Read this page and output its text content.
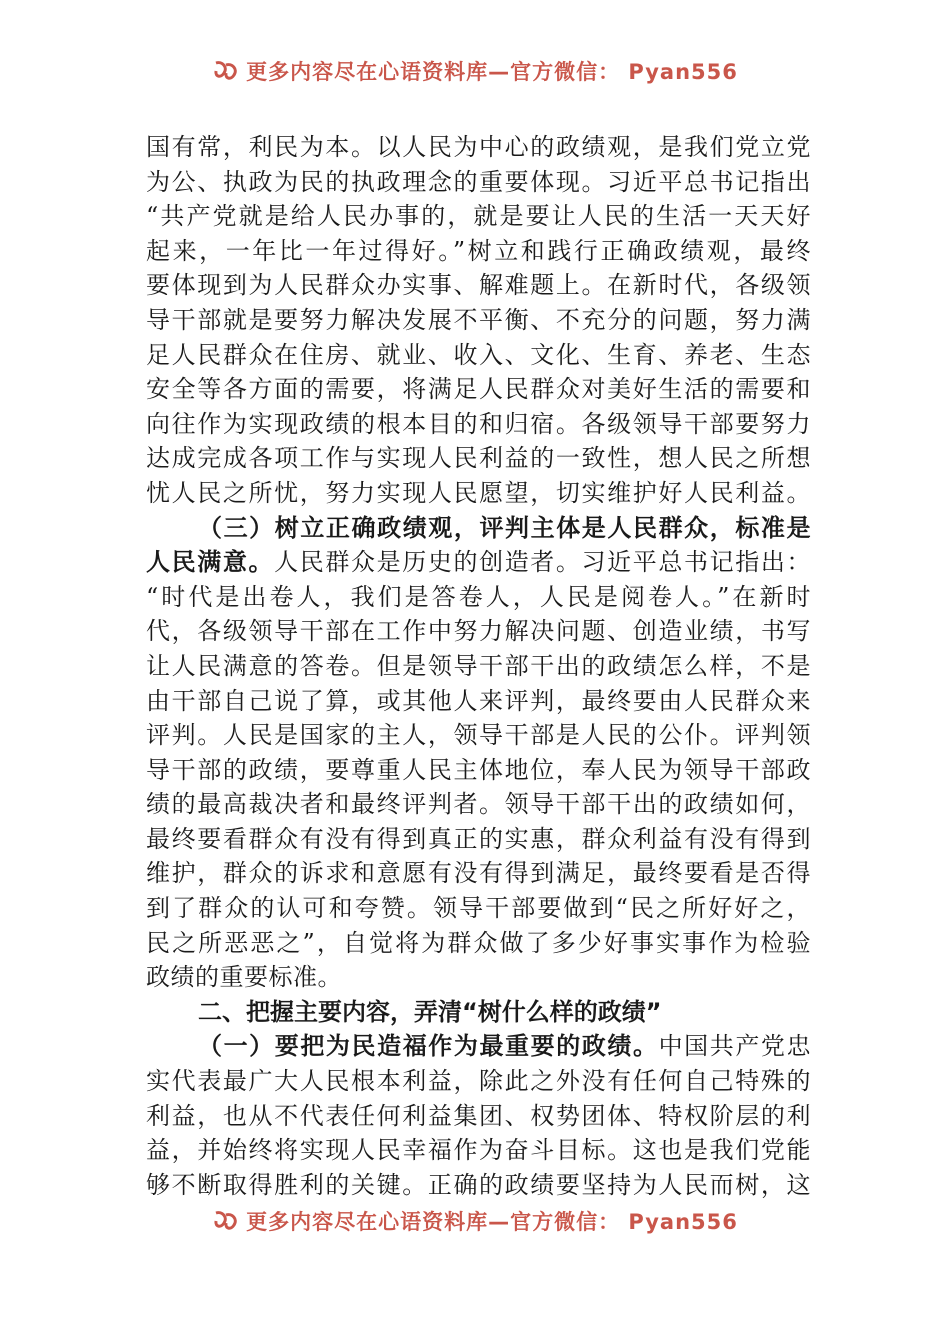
更多内容尽在心语资料库—官方微信： Pyan556
国有常，利民为本。以人民为中心的政绩观，是我们党立党
为公、执政为民的执政理念的重要体现。习近平总书记指出
“共产党就是给人民办事的，就是要让人民的生活一天天好
起来，一年比一年过得好。”树立和践行正确政绩观，最终
要体现到为人民群众办实事、解难题上。在新时代，各级领
导干部就是要努力解决发展不平衡、不充分的问题，努力满
足人民群众在住房、就业、收入、文化、生育、养老、生态
安全等各方面的需要，将满足人民群众对美好生活的需要和
向往作为实现政绩的根本目的和归宿。各级领导干部要努力
达成完成各项工作与实现人民利益的一致性，想人民之所想
忧人民之所忧，努力实现人民愿望，切实维护好人民利益。
（三）树立正确政绩观，评判主体是人民群众，标准是
人民满意。人民群众是历史的创造者。习近平总书记指出：
“时代是出卷人，我们是答卷人，人民是阅卷人。”在新时
代，各级领导干部在工作中努力解决问题、创造业绩，书写
让人民满意的答卷。但是领导干部干出的政绩怎么样，不是
由干部自己说了算，或其他人来评判，最终要由人民群众来
评判。人民是国家的主人，领导干部是人民的公仆。评判领
导干部的政绩，要尊重人民主体地位，奉人民为领导干部政
绩的最高裁决者和最终评判者。领导干部干出的政绩如何，
最终要看群众有没有得到真正的实惠，群众利益有没有得到
维护，群众的诉求和意愿有没有得到满足，最终要看是否得
到了群众的认可和夸赞。领导干部要做到“民之所好好之，
民之所恶恶之”，自觉将为群众做了多少好事实事作为检验
政绩的重要标准。
二、把握主要内容，弄清“树什么样的政绩”
（一）要把为民造福作为最重要的政绩。中国共产党忠
实代表最广大人民根本利益，除此之外没有任何自己特殊的
利益，也从不代表任何利益集团、权势团体、特权阶层的利
益，并始终将实现人民幸福作为奋斗目标。这也是我们党能
够不断取得胜利的关键。正确的政绩要坚持为人民而树，这
更多内容尽在心语资料库—官方微信： Pyan556
